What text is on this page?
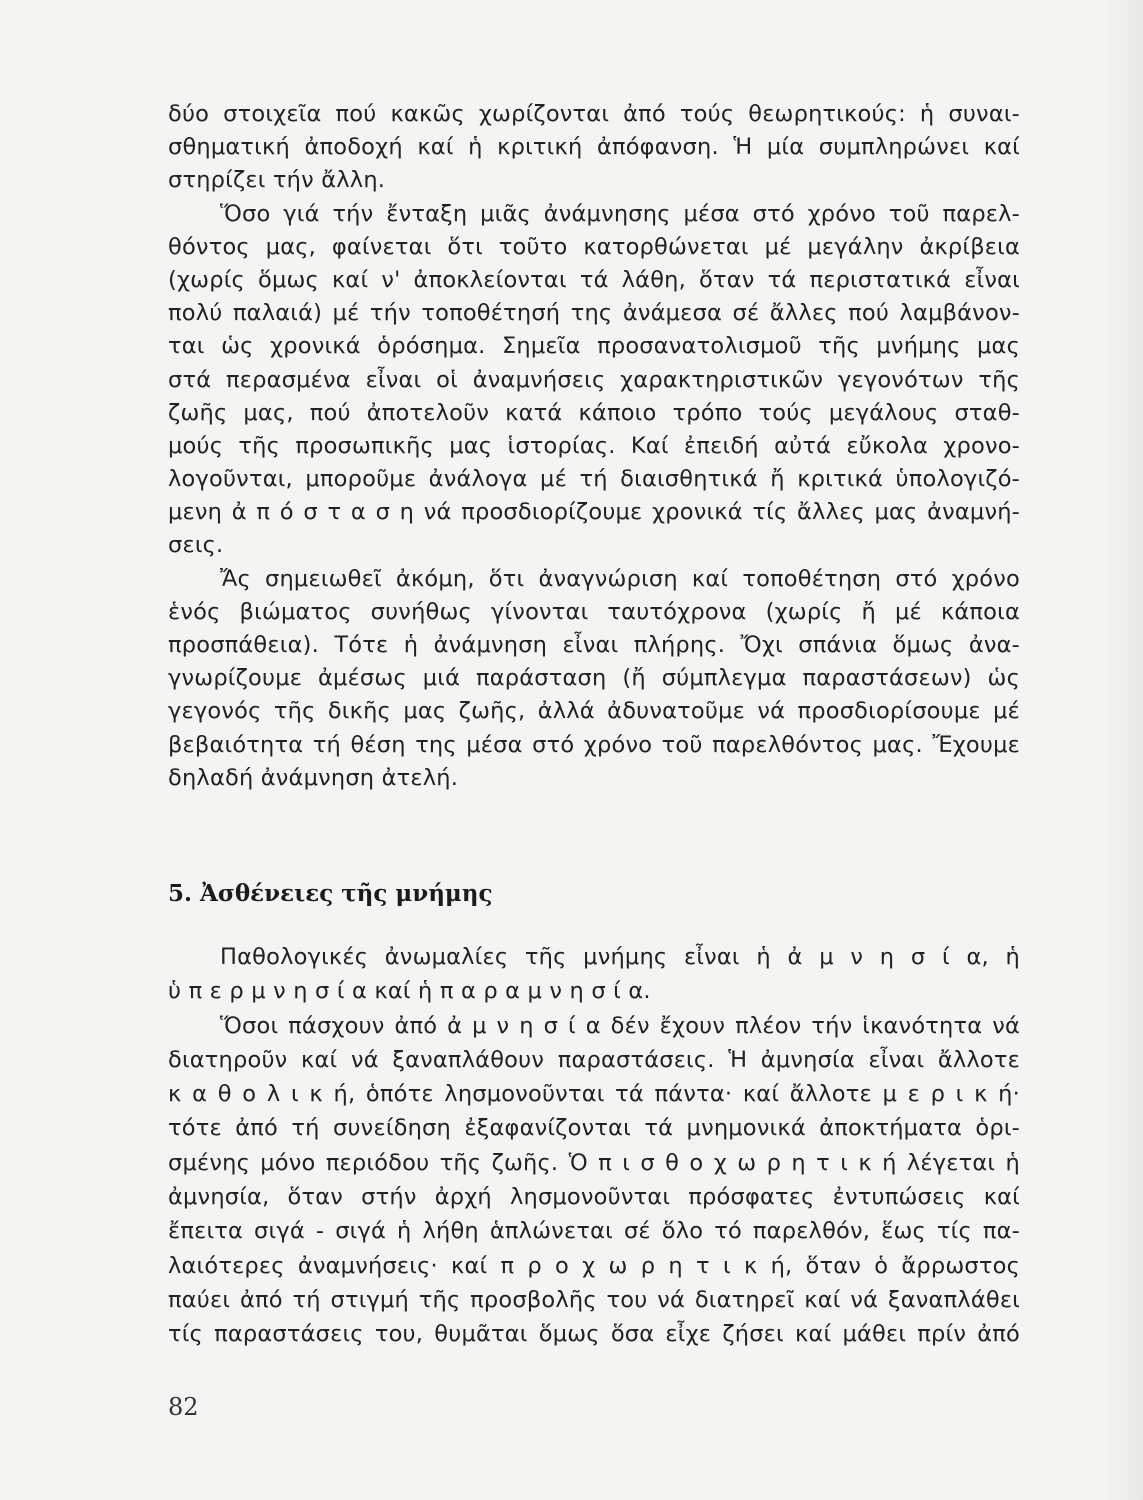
δύο στοιχεῖα πού κακῶς χωρίζονται ἀπό τούς θεωρητικούς: ἡ συναι-
σθηματική ἀποδοχή καί ἡ κριτική ἀπόφανση. Ἡ μία συμπληρώνει καί
στηρίζει τήν ἄλλη.
Ὅσο γιά τήν ἔνταξη μιᾶς ἀνάμνησης μέσα στό χρόνο τοῦ παρελ-
θόντος μας, φαίνεται ὅτι τοῦτο κατορθώνεται μέ μεγάλην ἀκρίβεια
(χωρίς ὅμως καί ν' ἀποκλείονται τά λάθη, ὅταν τά περιστατικά εἶναι
πολύ παλαιά) μέ τήν τοποθέτησή της ἀνάμεσα σέ ἄλλες πού λαμβάνον-
ται ὡς χρονικά ὁρόσημα. Σημεῖα προσανατολισμοῦ τῆς μνήμης μας
στά περασμένα εἶναι οἱ ἀναμνήσεις χαρακτηριστικῶν γεγονότων τῆς
ζωῆς μας, πού ἀποτελοῦν κατά κάποιο τρόπο τούς μεγάλους σταθ-
μούς τῆς προσωπικῆς μας ἱστορίας. Καί ἐπειδή αὐτά εὔκολα χρονο-
λογοῦνται, μποροῦμε ἀνάλογα μέ τή διαισθητικά ἤ κριτικά ὑπολογιζό-
μενη ἀ π ό σ τ α σ η νά προσδιορίζουμε χρονικά τίς ἄλλες μας ἀναμνή-
σεις.
Ἄς σημειωθεῖ ἀκόμη, ὅτι ἀναγνώριση καί τοποθέτηση στό χρόνο
ἑνός βιώματος συνήθως γίνονται ταυτόχρονα (χωρίς ἤ μέ κάποια
προσπάθεια). Τότε ἡ ἀνάμνηση εἶναι πλήρης. Ὄχι σπάνια ὅμως ἀνα-
γνωρίζουμε ἀμέσως μιά παράσταση (ἤ σύμπλεγμα παραστάσεων) ὡς
γεγονός τῆς δικῆς μας ζωῆς, ἀλλά ἀδυνατοῦμε νά προσδιορίσουμε μέ
βεβαιότητα τή θέση της μέσα στό χρόνο τοῦ παρελθόντος μας. Ἔχουμε
δηλαδή ἀνάμνηση ἀτελή.
5. Ἀσθένειες τῆς μνήμης
Παθολογικές ἀνωμαλίες τῆς μνήμης εἶναι ἡ ἀ μ ν η σ ί α, ἡ
ὑ π ε ρ μ ν η σ ί α καί ἡ π α ρ α μ ν η σ ί α.
Ὅσοι πάσχουν ἀπό ἀ μ ν η σ ί α δέν ἔχουν πλέον τήν ἱκανότητα νά
διατηροῦν καί νά ξαναπλάθουν παραστάσεις. Ἡ ἀμνησία εἶναι ἄλλοτε
κ α θ ο λ ι κ ή, ὁπότε λησμονοῦνται τά πάντα· καί ἄλλοτε μ ε ρ ι κ ή·
τότε ἀπό τή συνείδηση ἐξαφανίζονται τά μνημονικά ἀποκτήματα ὁρι-
σμένης μόνο περιόδου τῆς ζωῆς. Ὁ π ι σ θ ο χ ω ρ η τ ι κ ή λέγεται ἡ
ἀμνησία, ὅταν στήν ἀρχή λησμονοῦνται πρόσφατες ἐντυπώσεις καί
ἔπειτα σιγά - σιγά ἡ λήθη ἁπλώνεται σέ ὅλο τό παρελθόν, ἕως τίς πα-
λαιότερες ἀναμνήσεις· καί π ρ ο χ ω ρ η τ ι κ ή, ὅταν ὁ ἄρρωστος
παύει ἀπό τή στιγμή τῆς προσβολῆς του νά διατηρεῖ καί νά ξαναπλάθει
τίς παραστάσεις του, θυμᾶται ὅμως ὅσα εἶχε ζήσει καί μάθει πρίν ἀπό
82
